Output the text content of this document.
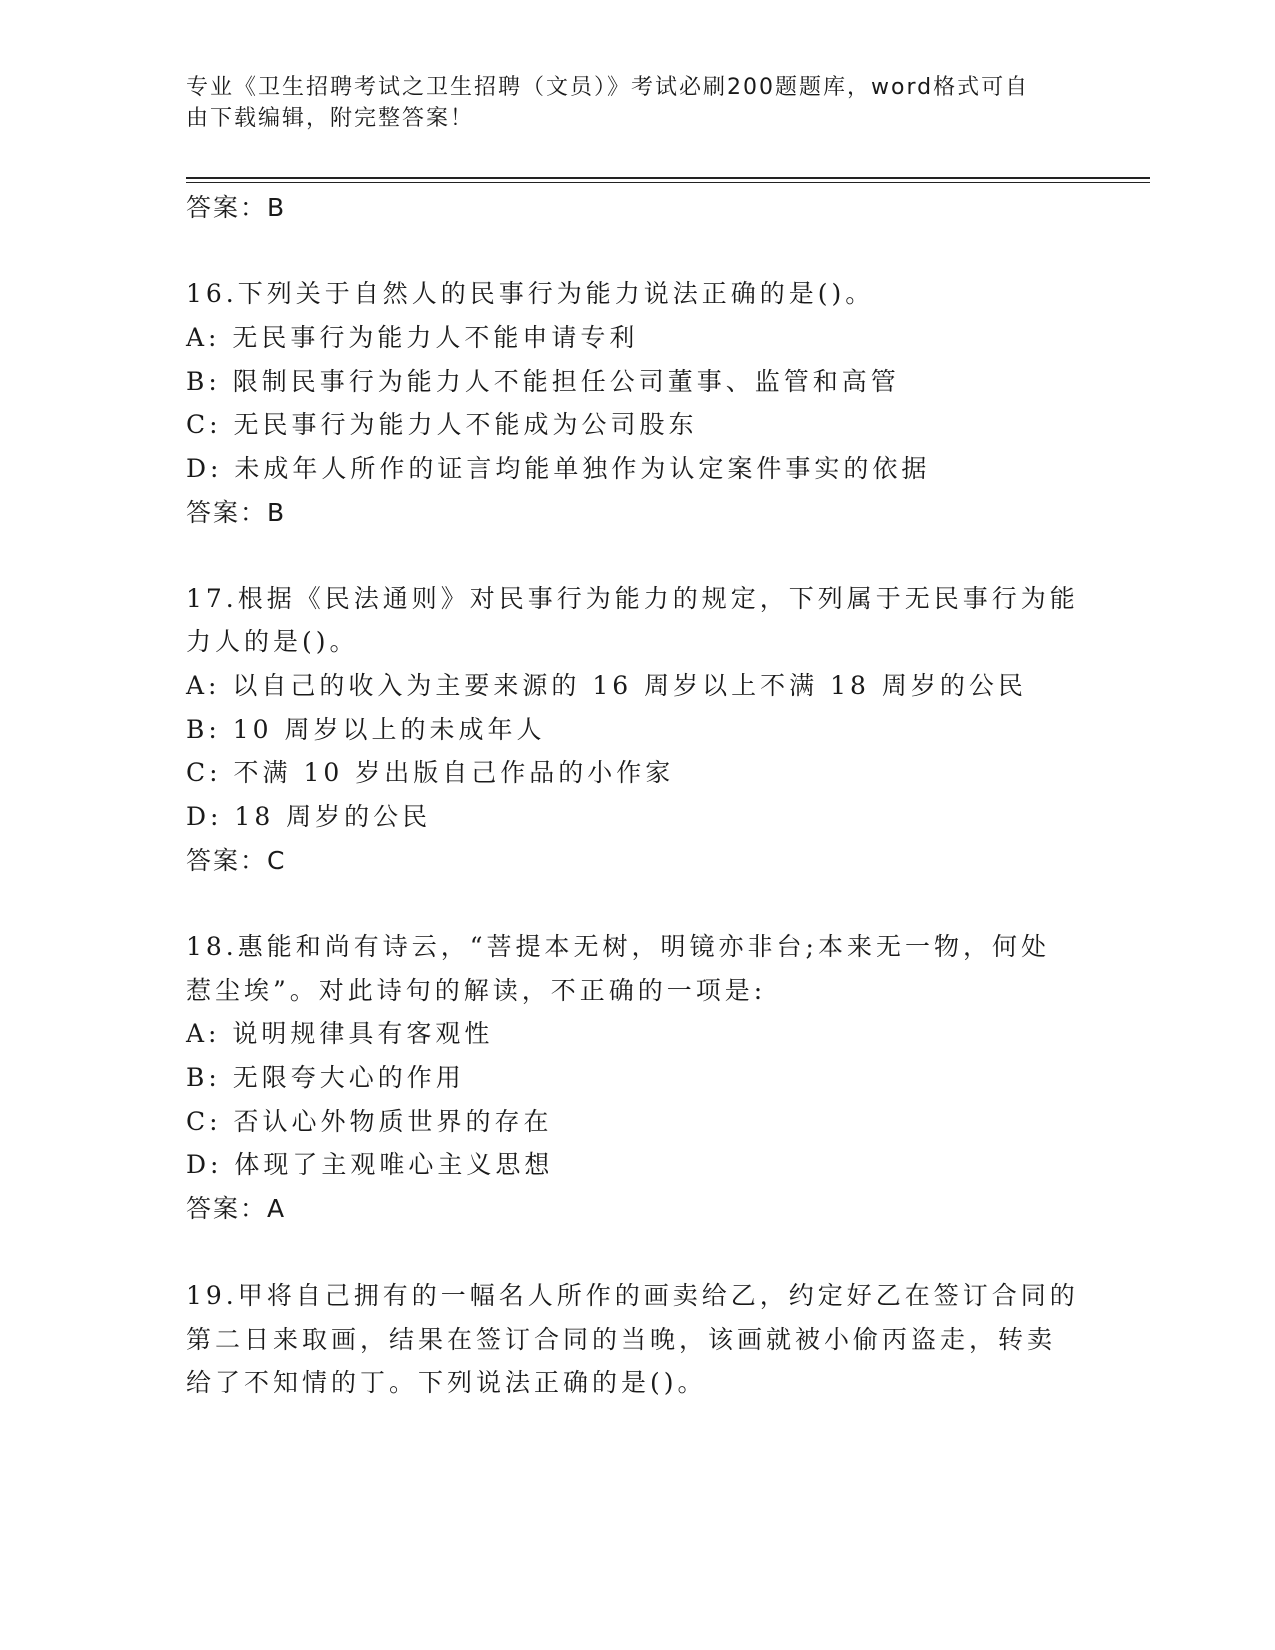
专业《卫生招聘考试之卫生招聘（文员）》考试必刷200题题库，word格式可自
由下载编辑，附完整答案！
答案：B
16.下列关于自然人的民事行为能力说法正确的是()。
A: 无民事行为能力人不能申请专利
B: 限制民事行为能力人不能担任公司董事、监管和高管
C: 无民事行为能力人不能成为公司股东
D: 未成年人所作的证言均能单独作为认定案件事实的依据
答案：B
17.根据《民法通则》对民事行为能力的规定，下列属于无民事行为能
力人的是()。
A: 以自己的收入为主要来源的 16 周岁以上不满 18 周岁的公民
B: 10 周岁以上的未成年人
C: 不满 10 岁出版自己作品的小作家
D: 18 周岁的公民
答案：C
18.惠能和尚有诗云，“菩提本无树，明镜亦非台;本来无一物，何处
惹尘埃”。对此诗句的解读，不正确的一项是:
A: 说明规律具有客观性
B: 无限夸大心的作用
C: 否认心外物质世界的存在
D: 体现了主观唯心主义思想
答案：A
19.甲将自己拥有的一幅名人所作的画卖给乙，约定好乙在签订合同的
第二日来取画，结果在签订合同的当晚，该画就被小偷丙盗走，转卖
给了不知情的丁。下列说法正确的是()。
